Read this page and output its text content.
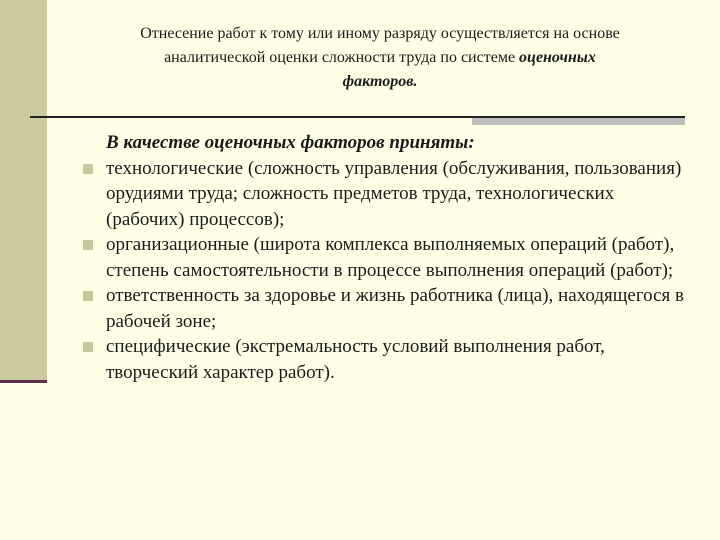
Отнесение работ к тому или иному разряду осуществляется на основе
аналитической оценки сложности труда по системе оценочных
факторов.
В качестве оценочных факторов приняты:
технологические (сложность управления (обслуживания, пользования) орудиями труда; сложность предметов труда, технологических (рабочих) процессов);
организационные (широта комплекса выполняемых операций (работ), степень самостоятельности в процессе выполнения операций (работ);
ответственность за здоровье и жизнь работника (лица), находящегося в рабочей зоне;
специфические (экстремальность условий выполнения работ, творческий характер работ).
